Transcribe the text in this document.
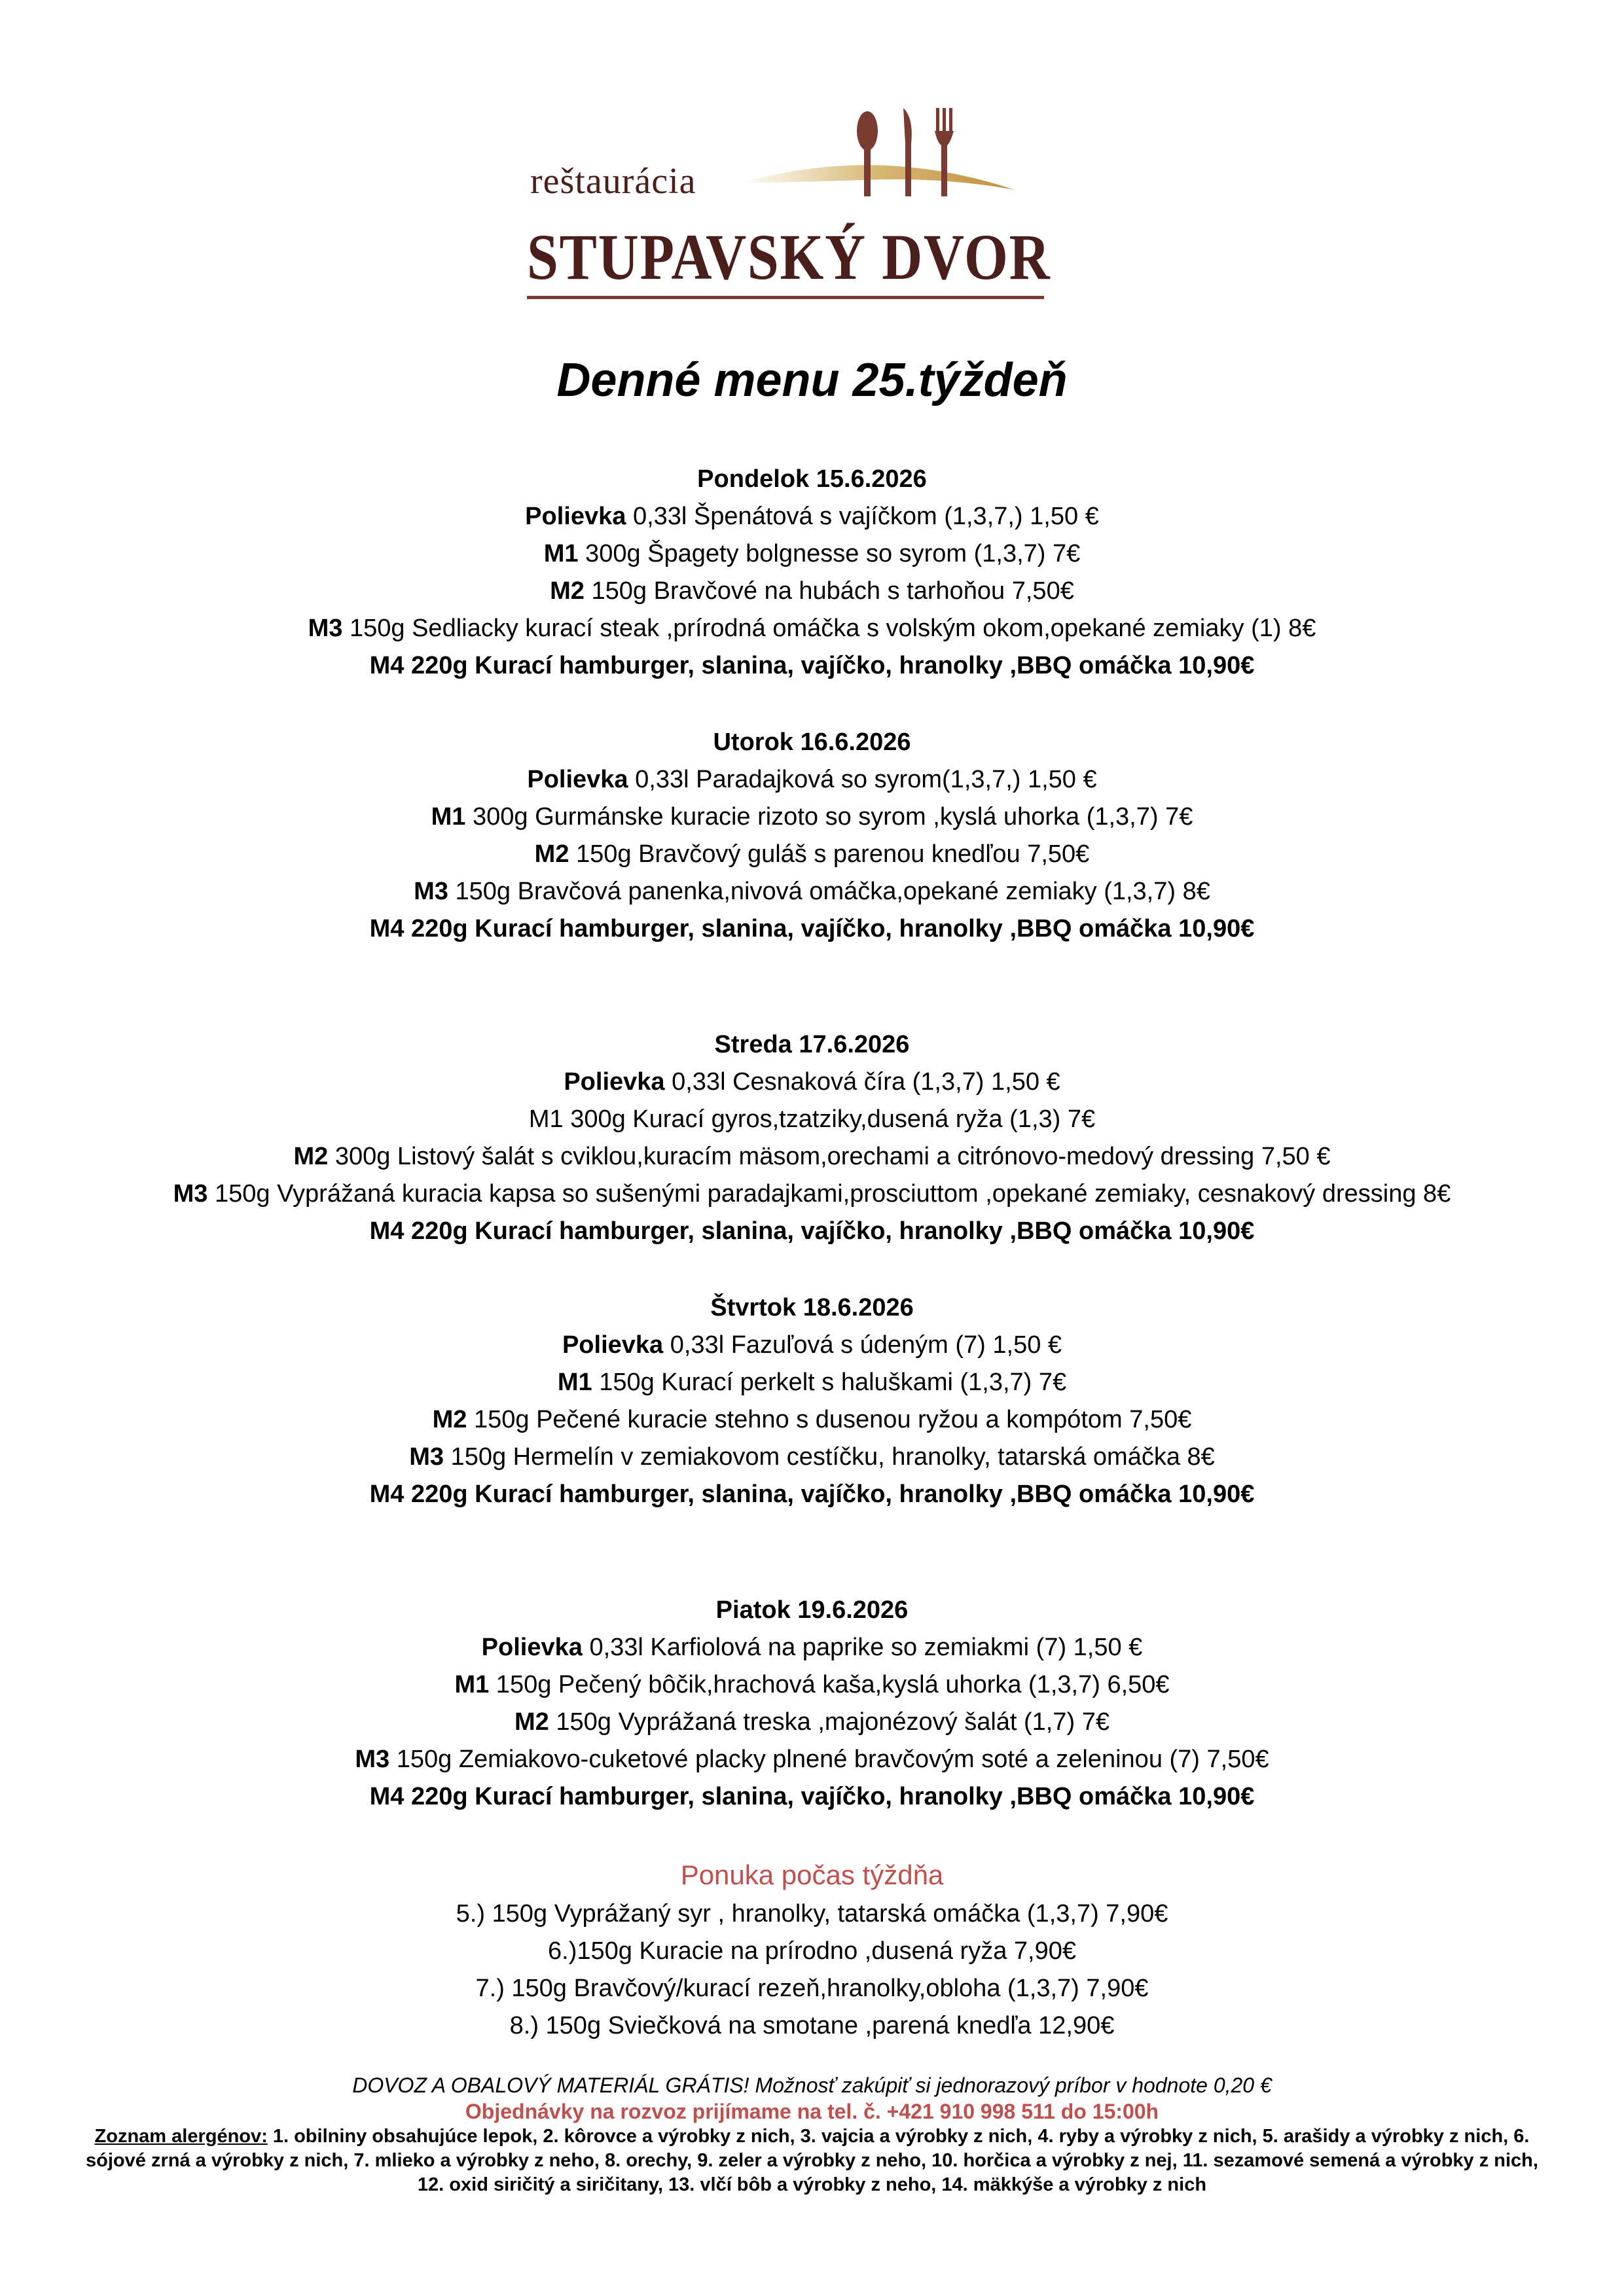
reštaurácia
STUPAVSKÝ DVOR
Denné menu 25.týždeň
Pondelok 15.6.2026
Polievka 0,33l Špenátová s vajíčkom (1,3,7,) 1,50 €
M1 300g Špagety bolgnesse so syrom (1,3,7) 7€
M2 150g Bravčové na hubách s tarhoňou 7,50€
M3 150g Sedliacky kurací steak ,prírodná omáčka s volským okom,opekané zemiaky (1) 8€
M4 220g Kurací hamburger, slanina, vajíčko, hranolky ,BBQ omáčka 10,90€
Utorok 16.6.2026
Polievka 0,33l Paradajková so syrom(1,3,7,) 1,50 €
M1 300g Gurmánske kuracie rizoto so syrom ,kyslá uhorka (1,3,7) 7€
M2 150g Bravčový guláš s parenou knedľou 7,50€
M3 150g Bravčová panenka,nivová omáčka,opekané zemiaky (1,3,7) 8€
M4 220g Kurací hamburger, slanina, vajíčko, hranolky ,BBQ omáčka 10,90€
Streda 17.6.2026
Polievka 0,33l Cesnaková číra (1,3,7) 1,50 €
M1 300g Kurací gyros,tzatziky,dusená ryža (1,3) 7€
M2 300g Listový šalát s cviklou,kuracím mäsom,orechami a citrónovo-medový dressing 7,50 €
M3 150g Vyprážaná kuracia kapsa so sušenými paradajkami,prosciuttom ,opekané zemiaky, cesnakový dressing 8€
M4 220g Kurací hamburger, slanina, vajíčko, hranolky ,BBQ omáčka 10,90€
Štvrtok 18.6.2026
Polievka 0,33l Fazuľová s údeným (7) 1,50 €
M1 150g Kurací perkelt s haluškami (1,3,7) 7€
M2 150g Pečené kuracie stehno s dusenou ryžou a kompótom 7,50€
M3 150g Hermelín v zemiakovom cestíčku, hranolky, tatarská omáčka 8€
M4 220g Kurací hamburger, slanina, vajíčko, hranolky ,BBQ omáčka 10,90€
Piatok 19.6.2026
Polievka 0,33l Karfiolová na paprike so zemiakmi (7) 1,50 €
M1 150g Pečený bôčik,hrachová kaša,kyslá uhorka (1,3,7) 6,50€
M2 150g Vyprážaná treska ,majonézový šalát (1,7) 7€
M3 150g Zemiakovo-cuketové placky plnené bravčovým soté a zeleninou (7) 7,50€
M4 220g Kurací hamburger, slanina, vajíčko, hranolky ,BBQ omáčka 10,90€
Ponuka počas týždňa
5.) 150g Vyprážaný syr , hranolky, tatarská omáčka (1,3,7) 7,90€
6.)150g Kuracie na prírodno ,dusená ryža 7,90€
7.) 150g Bravčový/kurací rezeň,hranolky,obloha (1,3,7) 7,90€
8.) 150g Sviečková na smotane ,parená knedľa 12,90€
DOVOZ A OBALOVÝ MATERIÁL GRÁTIS! Možnosť zakúpiť si jednorazový príbor v hodnote 0,20 €
Objednávky na rozvoz prijímame na tel. č. +421 910 998 511 do 15:00h
Zoznam alergénov: 1. obilniny obsahujúce lepok, 2. kôrovce a výrobky z nich, 3. vajcia a výrobky z nich, 4. ryby a výrobky z nich, 5. arašidy a výrobky z nich, 6. sójové zrná a výrobky z nich, 7. mlieko a výrobky z neho, 8. orechy, 9. zeler a výrobky z neho, 10. horčica a výrobky z nej, 11. sezamové semená a výrobky z nich, 12. oxid siričitý a siričitany, 13. vlčí bôb a výrobky z neho, 14. mäkkýše a výrobky z nich
